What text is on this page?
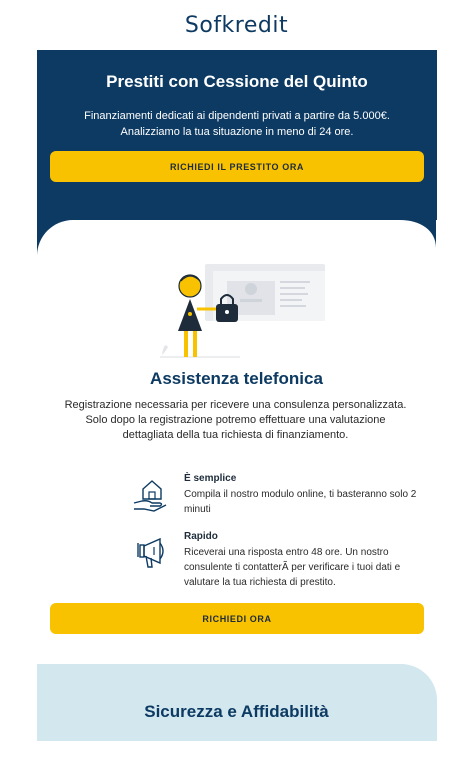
Sofkredit
Prestiti con Cessione del Quinto
Finanziamenti dedicati ai dipendenti privati a partire da 5.000€.
Analizziamo la tua situazione in meno di 24 ore.
RICHIEDI IL PRESTITO ORA
Assistenza telefonica
Registrazione necessaria per ricevere una consulenza personalizzata.
Solo dopo la registrazione potremo effettuare una valutazione
dettagliata della tua richiesta di finanziamento.
È semplice
Compila il nostro modulo online, ti basteranno solo 2 minuti
Rapido
Riceverai una risposta entro 48 ore. Un nostro consulente ti contatterÃ per verificare i tuoi dati e valutare la tua richiesta di prestito.
RICHIEDI ORA
Sicurezza e Affidabilità
